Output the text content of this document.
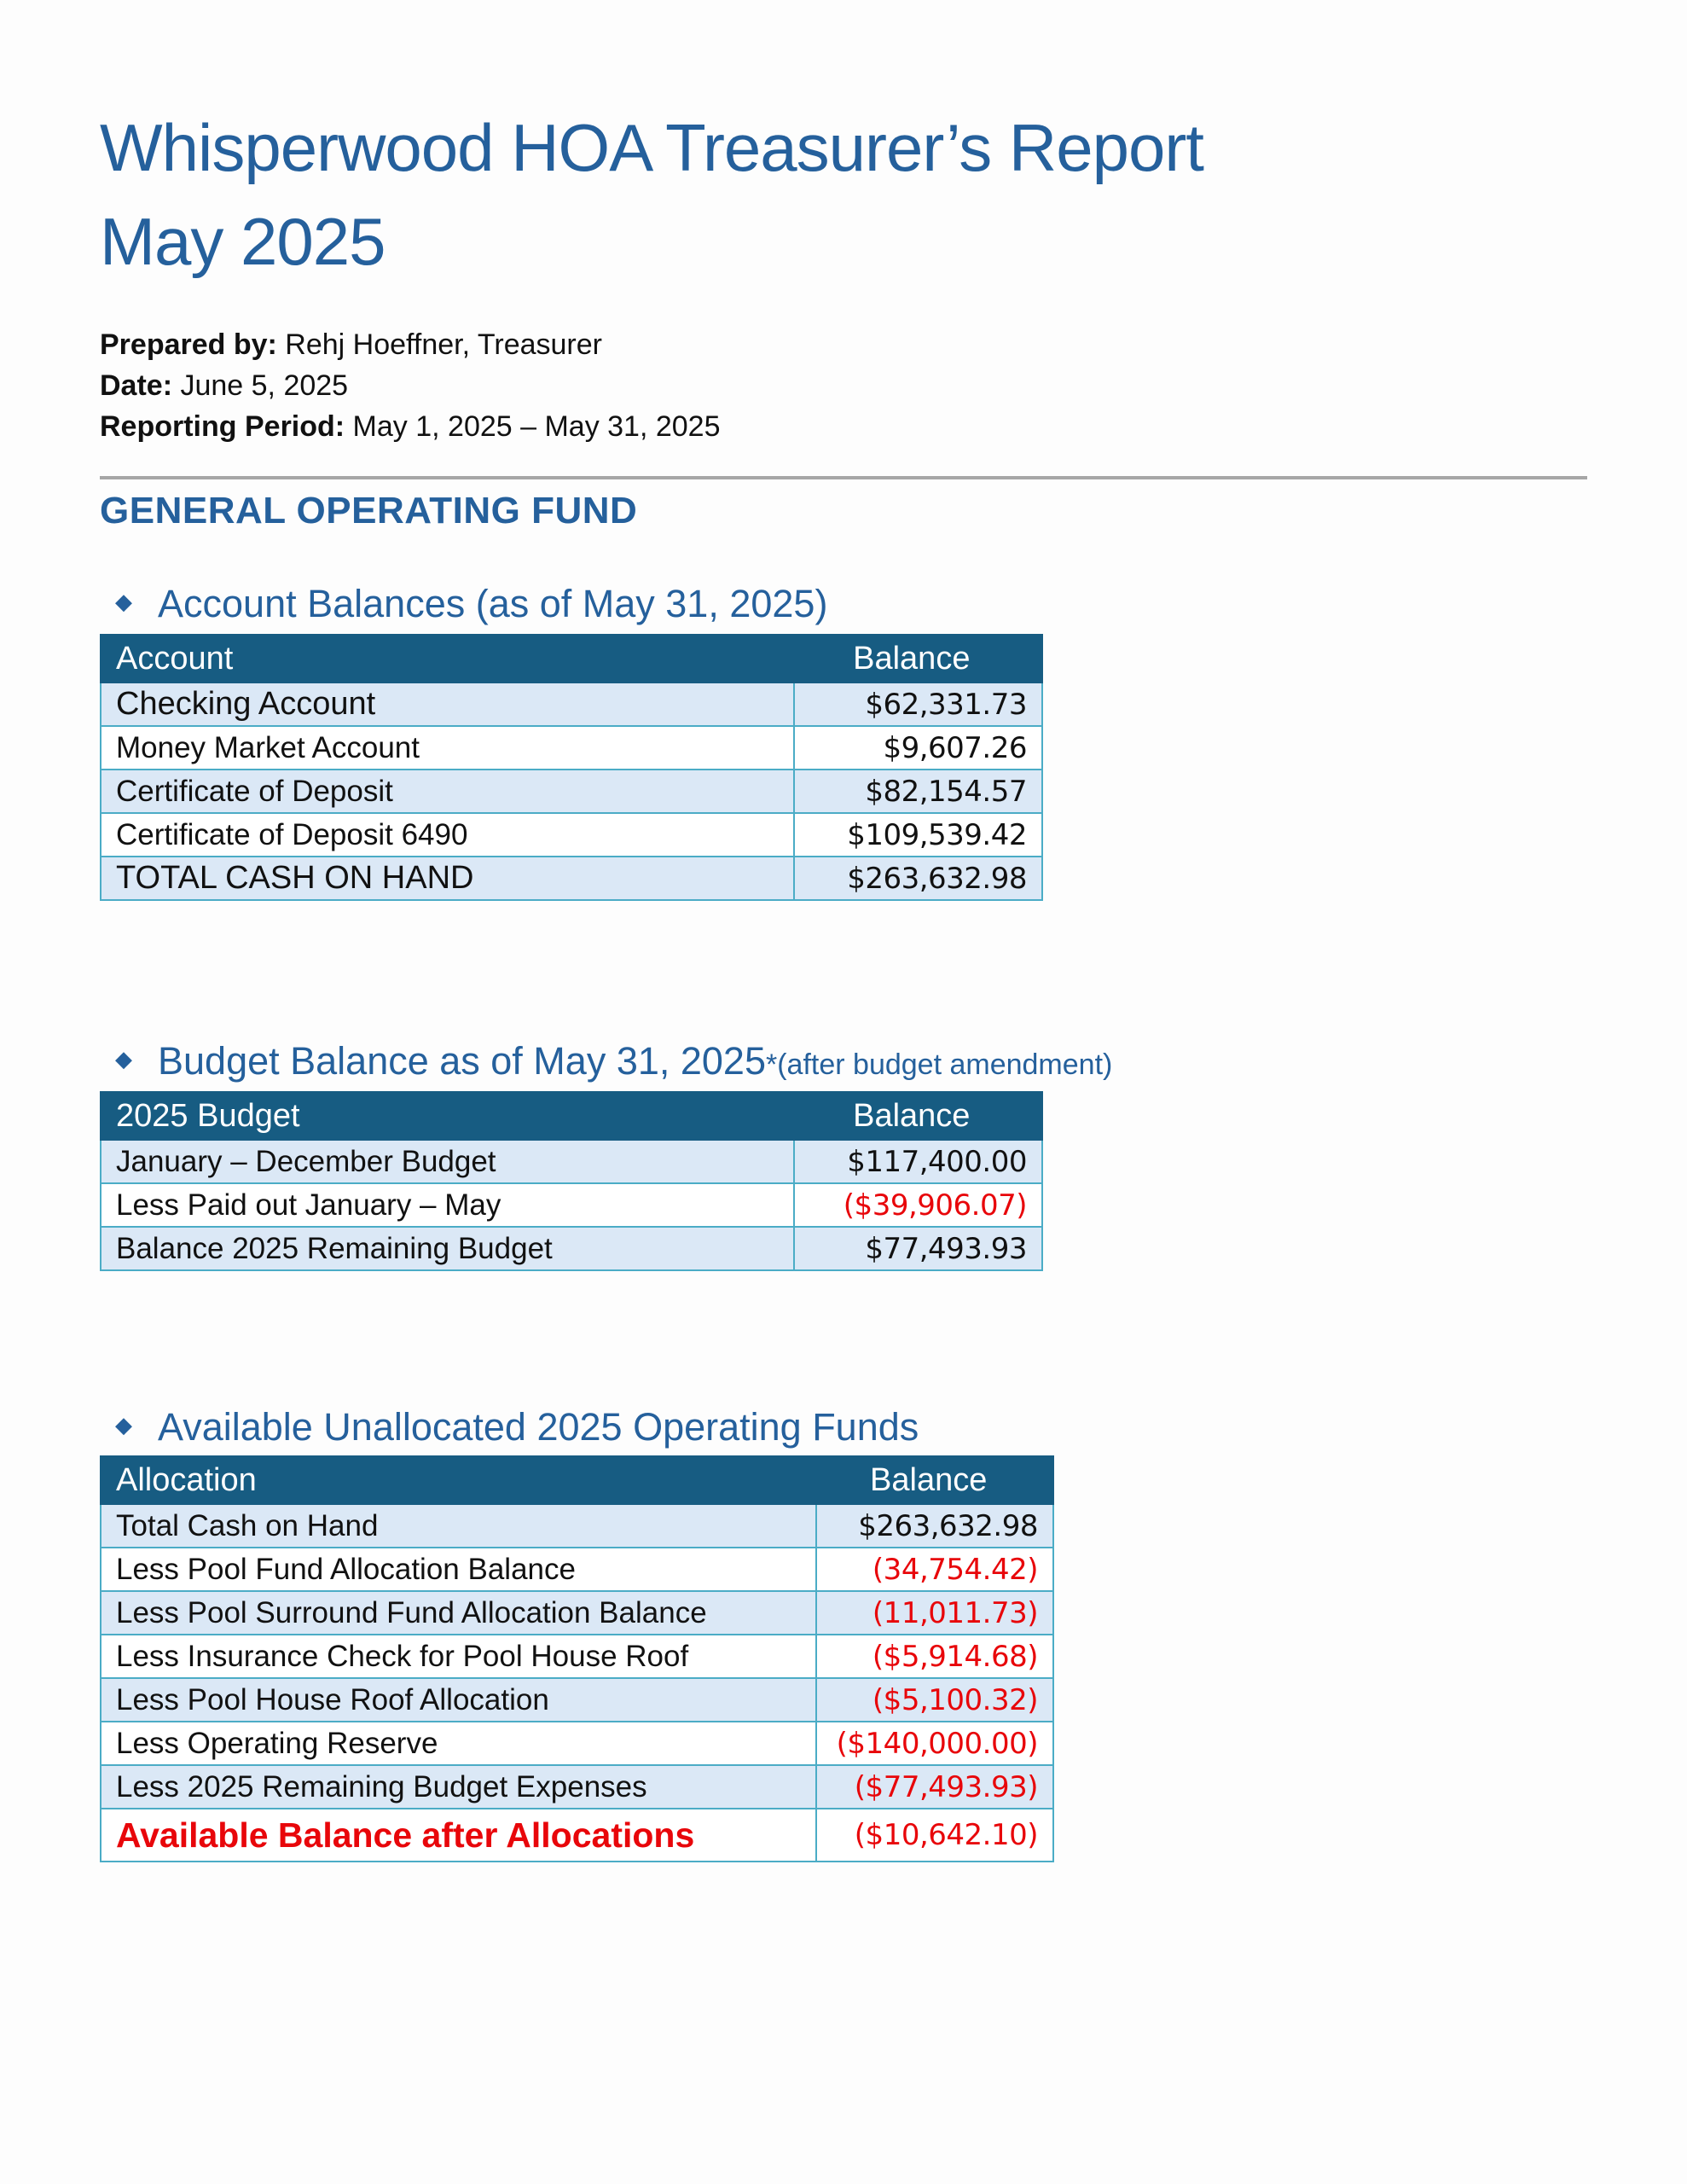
Whisperwood HOA Treasurer’s Report
May 2025
Prepared by: Rehj Hoeffner, Treasurer
Date: June 5, 2025
Reporting Period: May 1, 2025 – May 31, 2025
GENERAL OPERATING FUND
◆ Account Balances (as of May 31, 2025)
Account	Balance
Checking Account	$62,331.73
Money Market Account	$9,607.26
Certificate of Deposit	$82,154.57
Certificate of Deposit 6490	$109,539.42
TOTAL CASH ON HAND	$263,632.98
◆ Budget Balance as of May 31, 2025*(after budget amendment)
2025 Budget	Balance
January – December Budget	$117,400.00
Less Paid out January – May	($39,906.07)
Balance 2025 Remaining Budget	$77,493.93
◆ Available Unallocated 2025 Operating Funds
Allocation	Balance
Total Cash on Hand	$263,632.98
Less Pool Fund Allocation Balance	(34,754.42)
Less Pool Surround Fund Allocation Balance	(11,011.73)
Less Insurance Check for Pool House Roof	($5,914.68)
Less Pool House Roof Allocation	($5,100.32)
Less Operating Reserve	($140,000.00)
Less 2025 Remaining Budget Expenses	($77,493.93)
Available Balance after Allocations	($10,642.10)
